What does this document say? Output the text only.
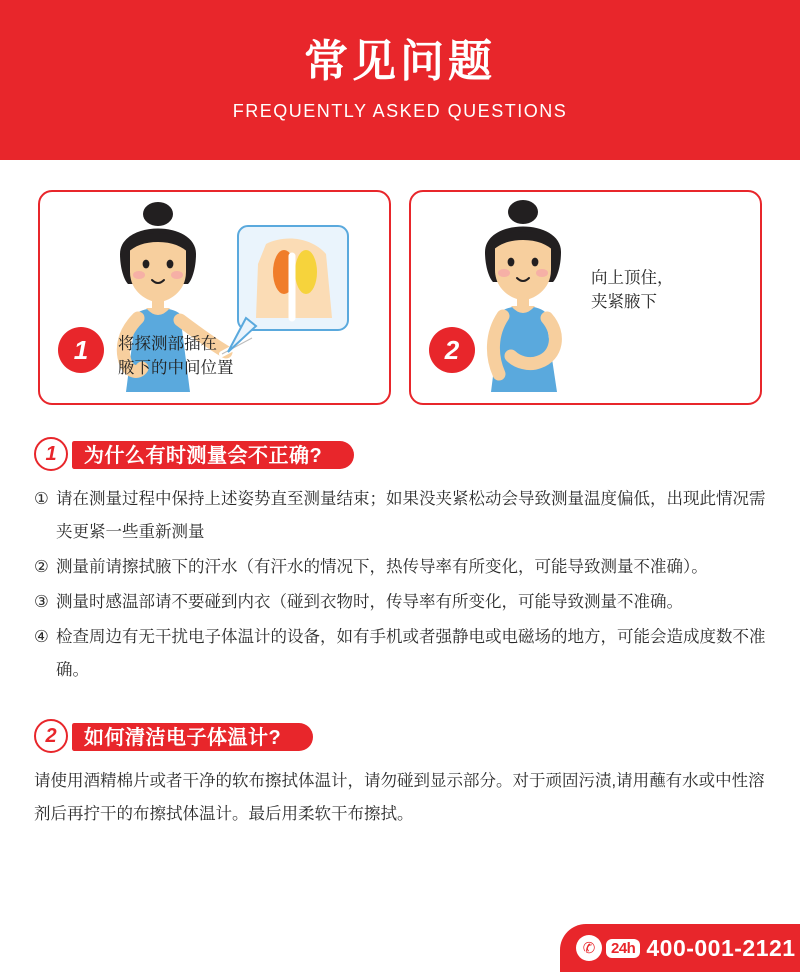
常见问题
FREQUENTLY ASKED QUESTIONS
1	将探测部插在
腋下的中间位置
2
向上顶住，
夹紧腋下
1	为什么有时测量会不正确?
① 请在测量过程中保持上述姿势直至测量结束；如果没夹紧松动会导致测量温度偏低，出现此情况需夹更紧一些重新测量
② 测量前请擦拭腋下的汗水（有汗水的情况下，热传导率有所变化，可能导致测量不准确）。
③ 测量时感温部请不要碰到内衣（碰到衣物时，传导率有所变化，可能导致测量不准确。
④ 检查周边有无干扰电子体温计的设备，如有手机或者强静电或电磁场的地方，可能会造成度数不准确。
2	如何清洁电子体温计?

请使用酒精棉片或者干净的软布擦拭体温计，请勿碰到显示部分。对于顽固污渍,请用蘸有水或中性溶剂后再拧干的布擦拭体温计。最后用柔软干布擦拭。

✆	24h 400-001-2121
